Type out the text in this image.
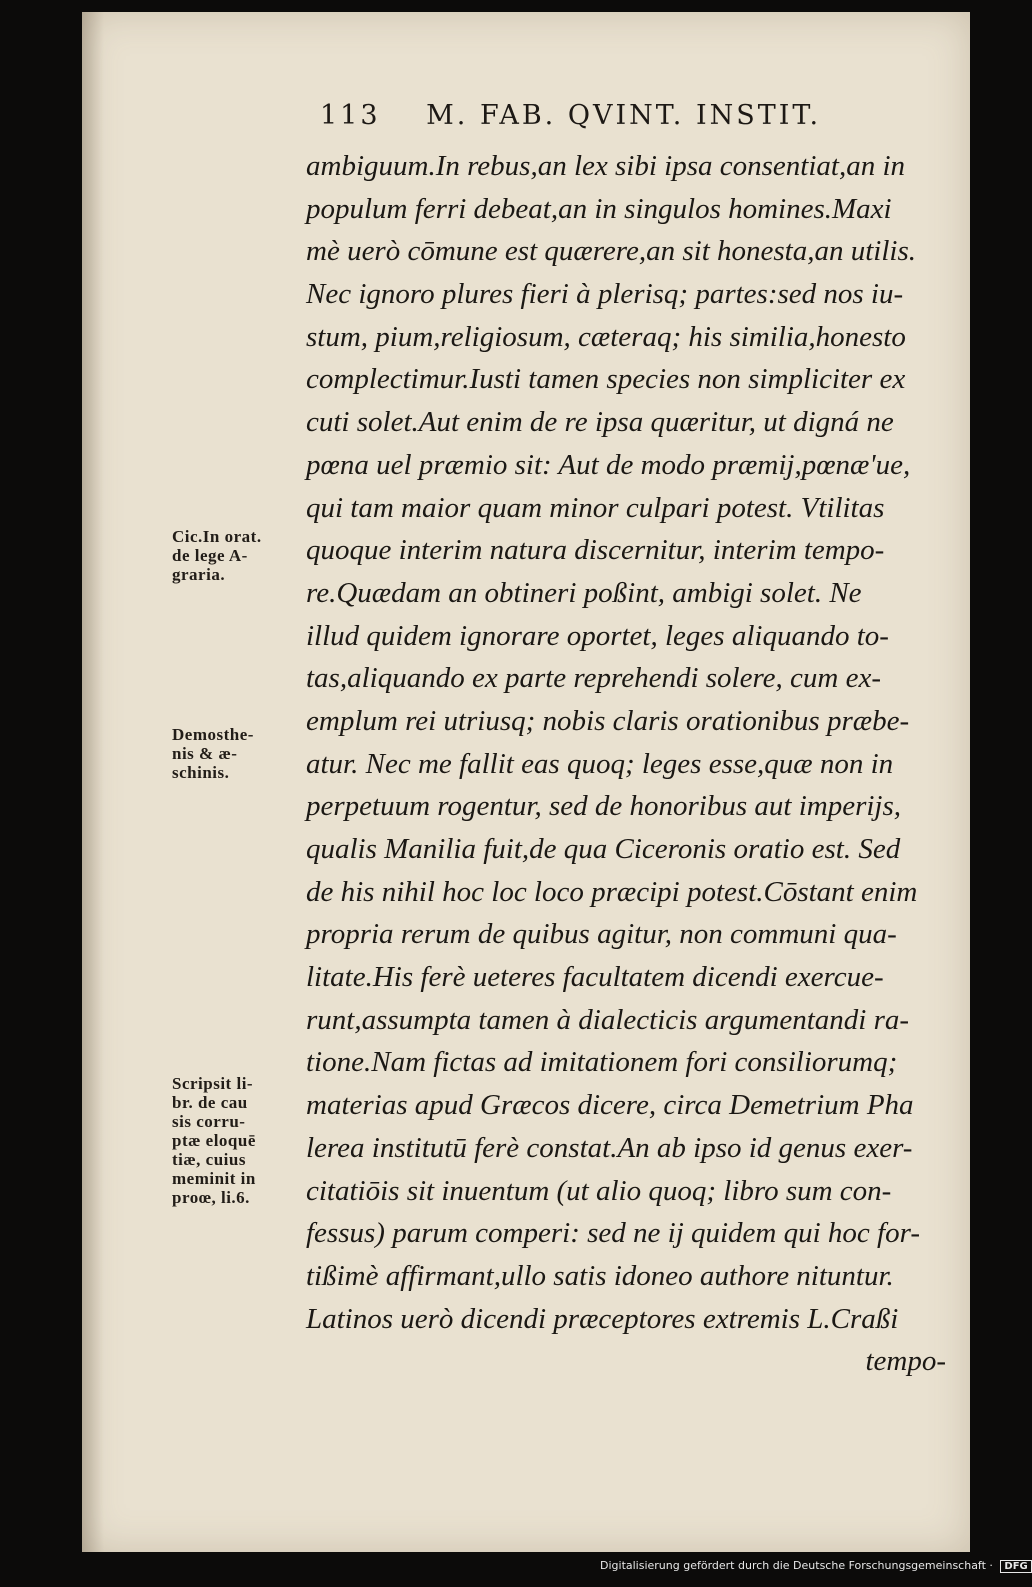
113 M. FAB. QVINT. INSTIT.
ambiguum.In rebus,an lex sibi ipsa consentiat,an in
populum ferri debeat,an in singulos homines.Maxi
mè uerò cōmune est quærere,an sit honesta,an utilis.
Nec ignoro plures fieri à plerisq; partes:sed nos iu-
stum, pium,religiosum, cæteraq; his similia,honesto
complectimur.Iusti tamen species non simpliciter ex
cuti solet.Aut enim de re ipsa quæritur, ut digná ne
pœna uel præmio sit: Aut de modo præmij,pœnæ'ue,
qui tam maior quam minor culpari potest. Vtilitas
quoque interim natura discernitur, interim tempo-
re.Quædam an obtineri poßint, ambigi solet. Ne
illud quidem ignorare oportet, leges aliquando to-
tas,aliquando ex parte reprehendi solere, cum ex-
emplum rei utriusq; nobis claris orationibus præbe-
atur. Nec me fallit eas quoq; leges esse,quæ non in
perpetuum rogentur, sed de honoribus aut imperijs,
qualis Manilia fuit,de qua Ciceronis oratio est. Sed
de his nihil hoc loc loco præcipi potest.Cōstant enim
propria rerum de quibus agitur, non communi qua-
litate.His ferè ueteres facultatem dicendi exercue-
runt,assumpta tamen à dialecticis argumentandi ra-
tione.Nam fictas ad imitationem fori consiliorumq;
materias apud Græcos dicere, circa Demetrium Pha
lerea institutū ferè constat.An ab ipso id genus exer-
citatiōis sit inuentum (ut alio quoq; libro sum con-
fessus) parum comperi: sed ne ij quidem qui hoc for-
tißimè affirmant,ullo satis idoneo authore nituntur.
Latinos uerò dicendi præceptores extremis L.Craßi
tempo-
Cic.In orat.
de lege A-
graria.
Demosthe-
nis & æ-
schinis.
Scripsit li-
br. de cau
sis corru-
ptæ eloquē
tiæ, cuius
meminit in
proœ, li.6.
Digitalisierung gefördert durch die Deutsche Forschungsgemeinschaft · DFG
